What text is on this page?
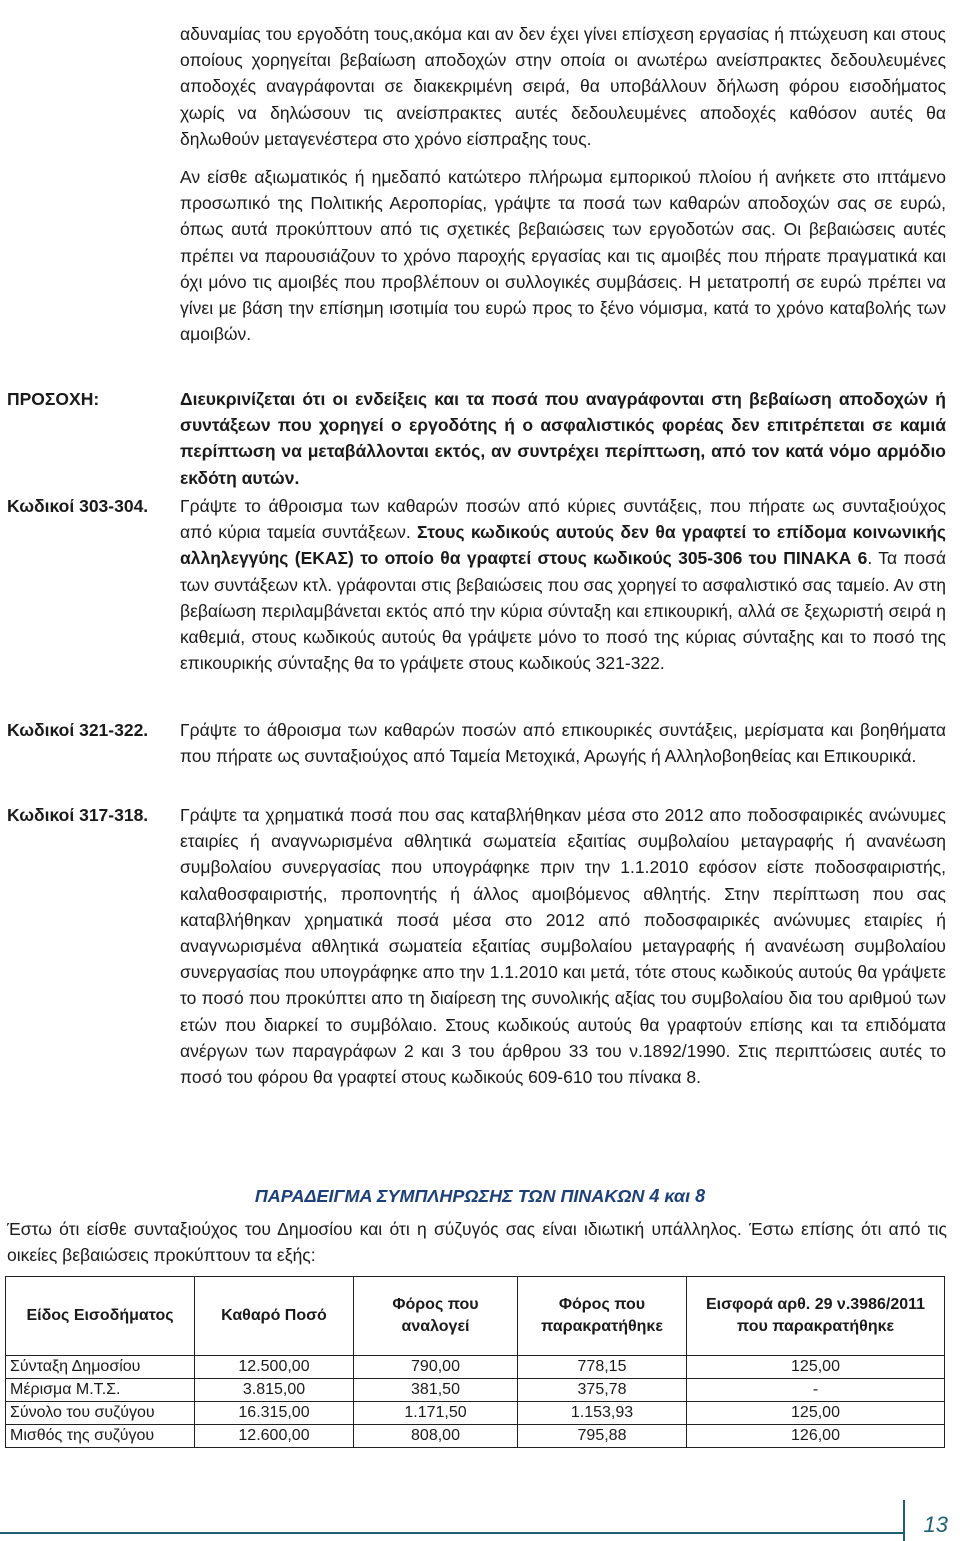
αδυναμίας του εργοδότη τους,ακόμα και αν δεν έχει γίνει επίσχεση εργασίας ή πτώχευση και στους οποίους χορηγείται βεβαίωση αποδοχών στην οποία οι ανωτέρω ανείσπρακτες δεδουλευμένες αποδοχές αναγράφονται σε διακεκριμένη σειρά, θα υποβάλλουν δήλωση φόρου εισοδήματος χωρίς να δηλώσουν τις ανείσπρακτες αυτές δεδουλευμένες αποδοχές καθόσον αυτές θα δηλωθούν μεταγενέστερα στο χρόνο είσπραξης τους.
Αν είσθε αξιωματικός ή ημεδαπό κατώτερο πλήρωμα εμπορικού πλοίου ή ανήκετε στο ιπτάμενο προσωπικό της Πολιτικής Αεροπορίας, γράψτε τα ποσά των καθαρών αποδοχών σας σε ευρώ, όπως αυτά προκύπτουν από τις σχετικές βεβαιώσεις των εργοδοτών σας. Οι βεβαιώσεις αυτές πρέπει να παρουσιάζουν το χρόνο παροχής εργασίας και τις αμοιβές που πήρατε πραγματικά και όχι μόνο τις αμοιβές που προβλέπουν οι συλλογικές συμβάσεις. Η μετατροπή σε ευρώ πρέπει να γίνει με βάση την επίσημη ισοτιμία του ευρώ προς το ξένο νόμισμα, κατά το χρόνο καταβολής των αμοιβών.
ΠΡΟΣΟΧΗ:	Διευκρινίζεται ότι οι ενδείξεις και τα ποσά που αναγράφονται στη βεβαίωση αποδοχών ή συντάξεων που χορηγεί ο εργοδότης ή ο ασφαλιστικός φορέας δεν επιτρέπεται σε καμιά περίπτωση να μεταβάλλονται εκτός, αν συντρέχει περίπτωση, από τον κατά νόμο αρμόδιο εκδότη αυτών.
Κωδικοί 303-304.	Γράψτε το άθροισμα των καθαρών ποσών από κύριες συντάξεις, που πήρατε ως συνταξιούχος από κύρια ταμεία συντάξεων. Στους κωδικούς αυτούς δεν θα γραφτεί το επίδομα κοινωνικής αλληλεγγύης (ΕΚΑΣ) το οποίο θα γραφτεί στους κωδικούς 305-306 του ΠΙΝΑΚΑ 6. Τα ποσά των συντάξεων κτλ. γράφονται στις βεβαιώσεις που σας χορηγεί το ασφαλιστικό σας ταμείο. Αν στη βεβαίωση περιλαμβάνεται εκτός από την κύρια σύνταξη και επικουρική, αλλά σε ξεχωριστή σειρά η καθεμιά, στους κωδικούς αυτούς θα γράψετε μόνο το ποσό της κύριας σύνταξης και το ποσό της επικουρικής σύνταξης θα το γράψετε στους κωδικούς 321-322.
Κωδικοί 321-322.	Γράψτε το άθροισμα των καθαρών ποσών από επικουρικές συντάξεις, μερίσματα και βοηθήματα που πήρατε ως συνταξιούχος από Ταμεία Μετοχικά, Αρωγής ή Αλληλοβοηθείας και Επικουρικά.
Κωδικοί 317-318.	Γράψτε τα χρηματικά ποσά που σας καταβλήθηκαν μέσα στο 2012 απο ποδοσφαιρικές ανώνυμες εταιρίες ή αναγνωρισμένα αθλητικά σωματεία εξαιτίας συμβολαίου μεταγραφής ή ανανέωση συμβολαίου συνεργασίας που υπογράφηκε πριν την 1.1.2010 εφόσον είστε ποδοσφαιριστής, καλαθοσφαιριστής, προπονητής ή άλλος αμοιβόμενος αθλητής. Στην περίπτωση που σας καταβλήθηκαν χρηματικά ποσά μέσα στο 2012 από ποδοσφαιρικές ανώνυμες εταιρίες ή αναγνωρισμένα αθλητικά σωματεία εξαιτίας συμβολαίου μεταγραφής ή ανανέωση συμβολαίου συνεργασίας που υπογράφηκε απο την 1.1.2010 και μετά, τότε στους κωδικούς αυτούς θα γράψετε το ποσό που προκύπτει απο τη διαίρεση της συνολικής αξίας του συμβολαίου δια του αριθμού των ετών που διαρκεί το συμβόλαιο. Στους κωδικούς αυτούς θα γραφτούν επίσης και τα επιδόματα ανέργων των παραγράφων 2 και 3 του άρθρου 33 του ν.1892/1990. Στις περιπτώσεις αυτές το ποσό του φόρου θα γραφτεί στους κωδικούς 609-610 του πίνακα 8.
ΠΑΡΑΔΕΙΓΜΑ ΣΥΜΠΛΗΡΩΣΗΣ ΤΩΝ ΠΙΝΑΚΩΝ 4 και 8
Έστω ότι είσθε συνταξιούχος του Δημοσίου και ότι η σύζυγός σας είναι ιδιωτική υπάλληλος. Έστω επίσης ότι από τις οικείες βεβαιώσεις προκύπτουν τα εξής:
Είδος Εισοδήματος	Καθαρό Ποσό	Φόρος που αναλογεί	Φόρος που παρακρατήθηκε	Εισφορά αρθ. 29 ν.3986/2011 που παρακρατήθηκε
Σύνταξη Δημοσίου	12.500,00	790,00	778,15	125,00
Μέρισμα Μ.Τ.Σ.	3.815,00	381,50	375,78	-
Σύνολο του συζύγου	16.315,00	1.171,50	1.153,93	125,00
Μισθός της συζύγου	12.600,00	808,00	795,88	126,00
13
